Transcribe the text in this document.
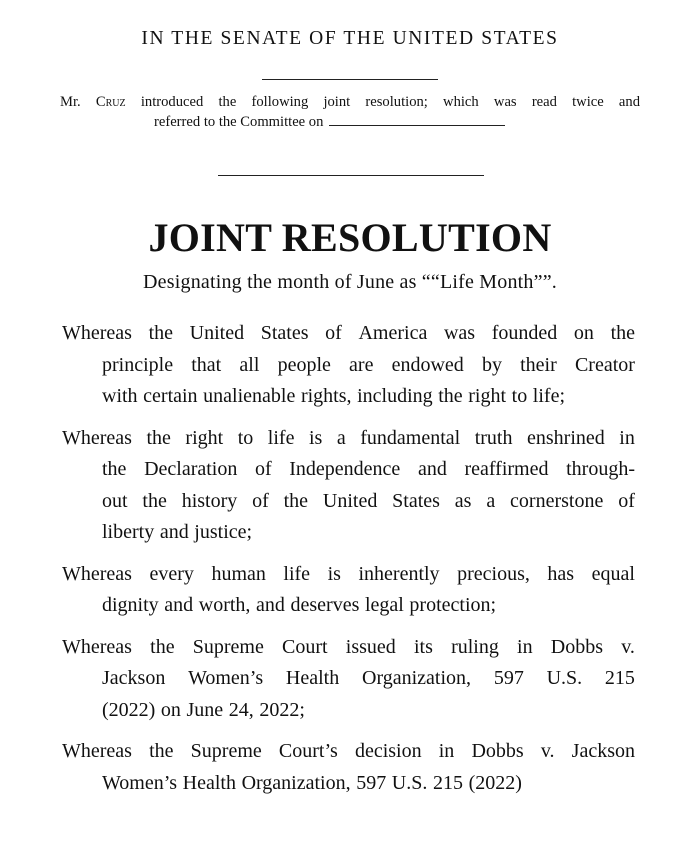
IN THE SENATE OF THE UNITED STATES
Mr. Cruz introduced the following joint resolution; which was read twice and
referred to the Committee on
JOINT RESOLUTION
Designating the month of June as ““Life Month””.
Whereas the United States of America was founded on the
principle that all people are endowed by their Creator
with certain unalienable rights, including the right to life;
Whereas the right to life is a fundamental truth enshrined in
the Declaration of Independence and reaffirmed through-
out the history of the United States as a cornerstone of
liberty and justice;
Whereas every human life is inherently precious, has equal
dignity and worth, and deserves legal protection;
Whereas the Supreme Court issued its ruling in Dobbs v.
Jackson Women’s Health Organization, 597 U.S. 215
(2022) on June 24, 2022;
Whereas the Supreme Court’s decision in Dobbs v. Jackson
Women’s Health Organization, 597 U.S. 215 (2022)
